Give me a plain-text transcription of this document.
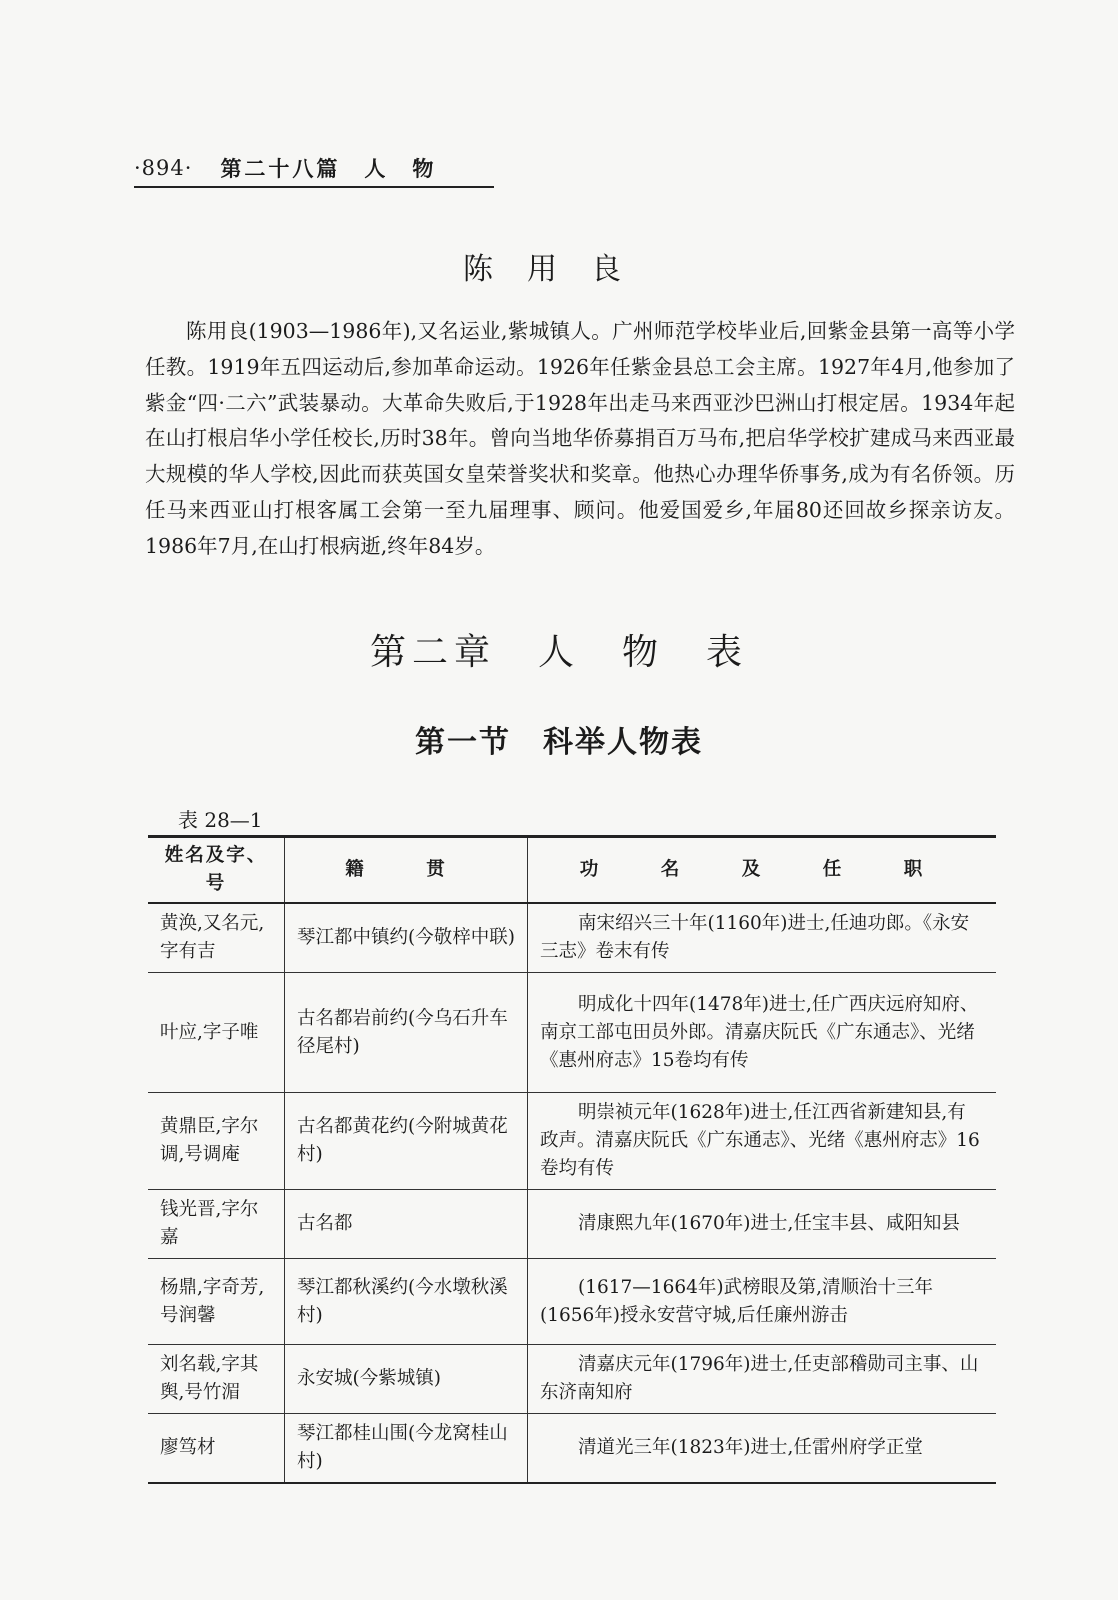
·894· 第二十八篇　人　物
陈用良
陈用良(1903—1986年),又名运业,紫城镇人。广州师范学校毕业后,回紫金县第一高等小学任教。1919年五四运动后,参加革命运动。1926年任紫金县总工会主席。1927年4月,他参加了紫金“四·二六”武装暴动。大革命失败后,于1928年出走马来西亚沙巴洲山打根定居。1934年起在山打根启华小学任校长,历时38年。曾向当地华侨募捐百万马布,把启华学校扩建成马来西亚最大规模的华人学校,因此而获英国女皇荣誉奖状和奖章。他热心办理华侨事务,成为有名侨领。历任马来西亚山打根客属工会第一至九届理事、顾问。他爱国爱乡,年届80还回故乡探亲访友。1986年7月,在山打根病逝,终年84岁。
第二章　人　物　表
第一节　科举人物表
表 28—1
姓名及字、号	籍　贯	功　名　及　任　职
黄涣,又名元,字有吉	琴江都中镇约(今敬梓中联)	南宋绍兴三十年(1160年)进士,任迪功郎。《永安三志》卷末有传
叶应,字子唯	古名都岩前约(今乌石升车径尾村)	明成化十四年(1478年)进士,任广西庆远府知府、南京工部屯田员外郎。清嘉庆阮氏《广东通志》、光绪《惠州府志》15卷均有传
黄鼎臣,字尔调,号调庵	古名都黄花约(今附城黄花村)	明崇祯元年(1628年)进士,任江西省新建知县,有政声。清嘉庆阮氏《广东通志》、光绪《惠州府志》16卷均有传
钱光晋,字尔嘉	古名都	清康熙九年(1670年)进士,任宝丰县、咸阳知县
杨鼎,字奇芳,号润馨	琴江都秋溪约(今水墩秋溪村)	(1617—1664年)武榜眼及第,清顺治十三年(1656年)授永安营守城,后任廉州游击
刘名载,字其舆,号竹湄	永安城(今紫城镇)	清嘉庆元年(1796年)进士,任吏部稽勋司主事、山东济南知府
廖笃材	琴江都桂山围(今龙窝桂山村)	清道光三年(1823年)进士,任雷州府学正堂
